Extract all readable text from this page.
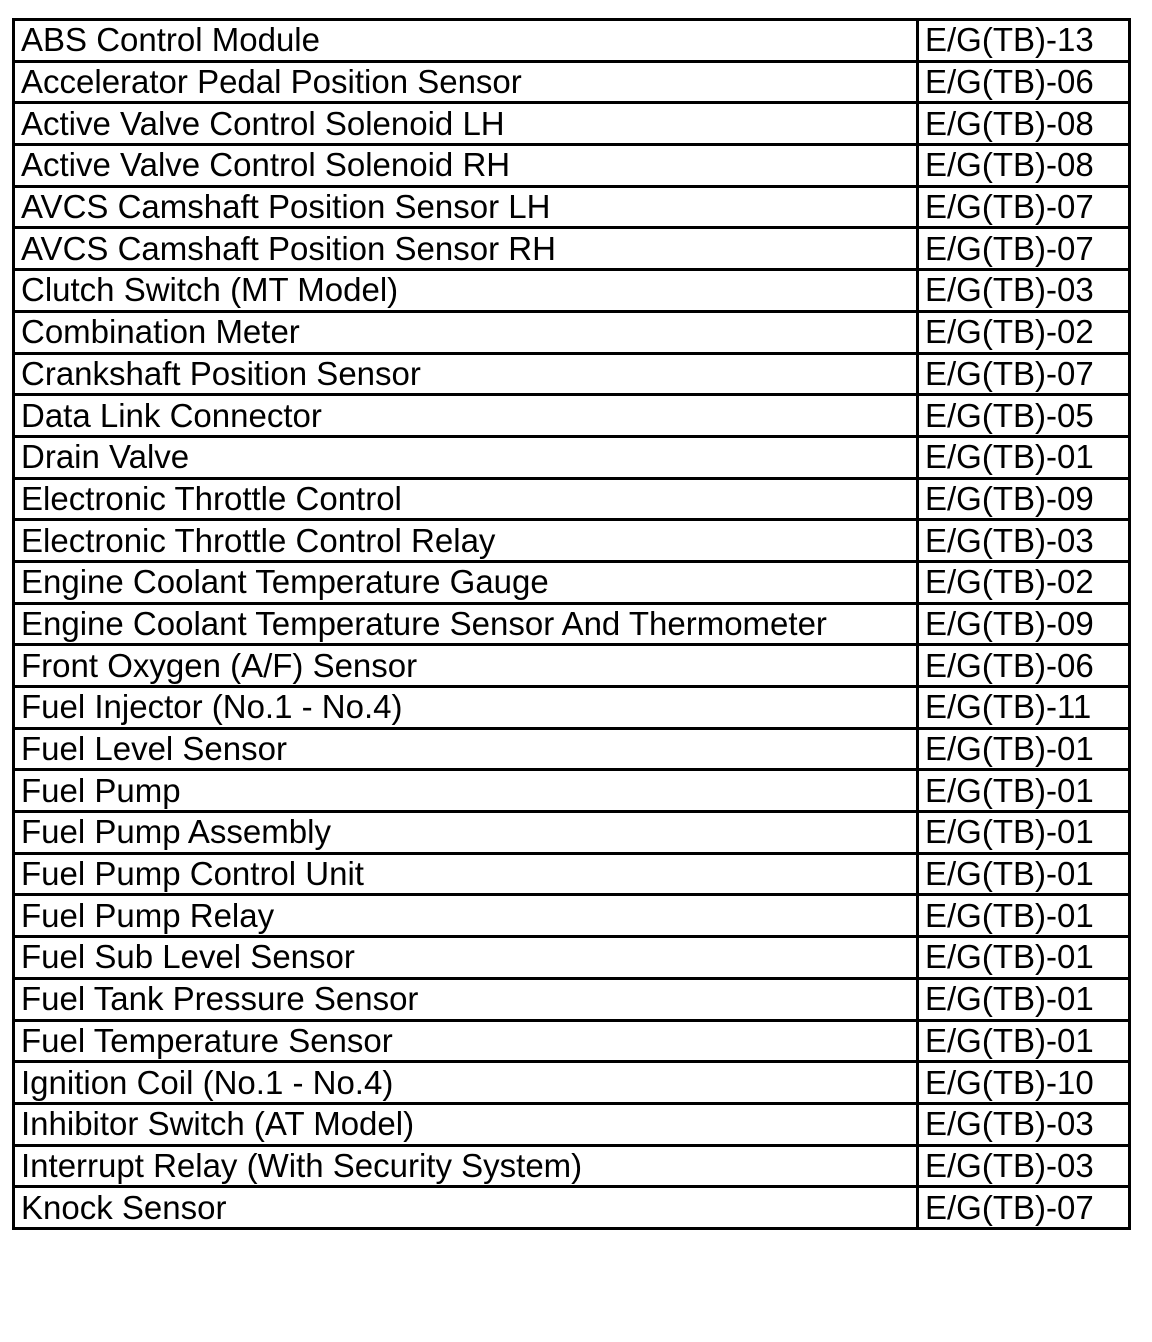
ABS Control Module	E/G(TB)-13
Accelerator Pedal Position Sensor	E/G(TB)-06
Active Valve Control Solenoid LH	E/G(TB)-08
Active Valve Control Solenoid RH	E/G(TB)-08
AVCS Camshaft Position Sensor LH	E/G(TB)-07
AVCS Camshaft Position Sensor RH	E/G(TB)-07
Clutch Switch (MT Model)	E/G(TB)-03
Combination Meter	E/G(TB)-02
Crankshaft Position Sensor	E/G(TB)-07
Data Link Connector	E/G(TB)-05
Drain Valve	E/G(TB)-01
Electronic Throttle Control	E/G(TB)-09
Electronic Throttle Control Relay	E/G(TB)-03
Engine Coolant Temperature Gauge	E/G(TB)-02
Engine Coolant Temperature Sensor And Thermometer	E/G(TB)-09
Front Oxygen (A/F) Sensor	E/G(TB)-06
Fuel Injector (No.1 - No.4)	E/G(TB)-11
Fuel Level Sensor	E/G(TB)-01
Fuel Pump	E/G(TB)-01
Fuel Pump Assembly	E/G(TB)-01
Fuel Pump Control Unit	E/G(TB)-01
Fuel Pump Relay	E/G(TB)-01
Fuel Sub Level Sensor	E/G(TB)-01
Fuel Tank Pressure Sensor	E/G(TB)-01
Fuel Temperature Sensor	E/G(TB)-01
Ignition Coil (No.1 - No.4)	E/G(TB)-10
Inhibitor Switch (AT Model)	E/G(TB)-03
Interrupt Relay (With Security System)	E/G(TB)-03
Knock Sensor	E/G(TB)-07
